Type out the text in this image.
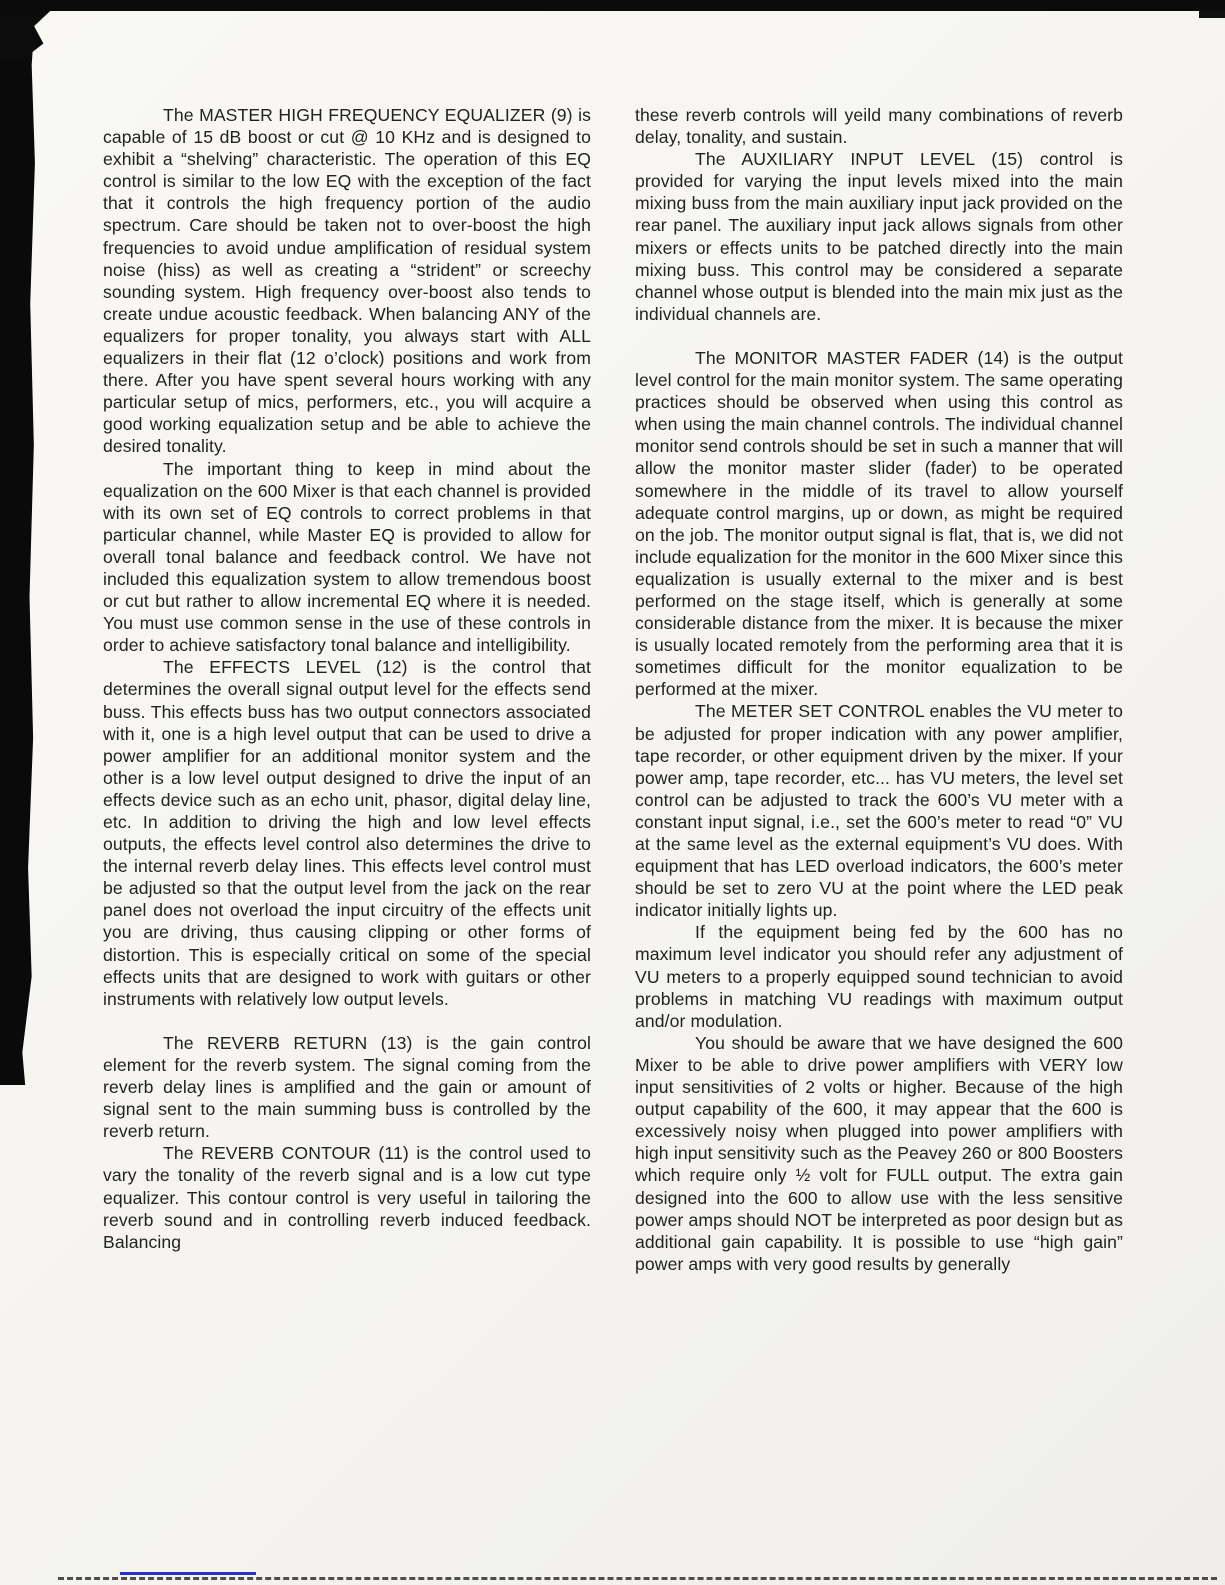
The MASTER HIGH FREQUENCY EQUALIZER (9) is capable of 15 dB boost or cut @ 10 KHz and is designed to exhibit a “shelving” characteristic. The operation of this EQ control is similar to the low EQ with the exception of the fact that it controls the high frequency portion of the audio spectrum. Care should be taken not to over-boost the high frequencies to avoid undue amplification of residual system noise (hiss) as well as creating a “strident” or screechy sounding system. High frequency over-boost also tends to create undue acoustic feedback. When balancing ANY of the equalizers for proper tonality, you always start with ALL equalizers in their flat (12 o’clock) positions and work from there. After you have spent several hours working with any particular setup of mics, performers, etc., you will acquire a good working equalization setup and be able to achieve the desired tonality.

The important thing to keep in mind about the equalization on the 600 Mixer is that each channel is provided with its own set of EQ controls to correct problems in that particular channel, while Master EQ is provided to allow for overall tonal balance and feedback control. We have not included this equalization system to allow tremendous boost or cut but rather to allow incremental EQ where it is needed. You must use common sense in the use of these controls in order to achieve satisfactory tonal balance and intelligibility.

The EFFECTS LEVEL (12) is the control that determines the overall signal output level for the effects send buss. This effects buss has two output connectors associated with it, one is a high level output that can be used to drive a power amplifier for an additional monitor system and the other is a low level output designed to drive the input of an effects device such as an echo unit, phasor, digital delay line, etc. In addition to driving the high and low level effects outputs, the effects level control also determines the drive to the internal reverb delay lines. This effects level control must be adjusted so that the output level from the jack on the rear panel does not overload the input circuitry of the effects unit you are driving, thus causing clipping or other forms of distortion. This is especially critical on some of the special effects units that are designed to work with guitars or other instruments with relatively low output levels.

The REVERB RETURN (13) is the gain control element for the reverb system. The signal coming from the reverb delay lines is amplified and the gain or amount of signal sent to the main summing buss is controlled by the reverb return.

The REVERB CONTOUR (11) is the control used to vary the tonality of the reverb signal and is a low cut type equalizer. This contour control is very useful in tailoring the reverb sound and in controlling reverb induced feedback. Balancing

these reverb controls will yeild many combinations of reverb delay, tonality, and sustain.

The AUXILIARY INPUT LEVEL (15) control is provided for varying the input levels mixed into the main mixing buss from the main auxiliary input jack provided on the rear panel. The auxiliary input jack allows signals from other mixers or effects units to be patched directly into the main mixing buss. This control may be considered a separate channel whose output is blended into the main mix just as the individual channels are.

The MONITOR MASTER FADER (14) is the output level control for the main monitor system. The same operating practices should be observed when using this control as when using the main channel controls. The individual channel monitor send controls should be set in such a manner that will allow the monitor master slider (fader) to be operated somewhere in the middle of its travel to allow yourself adequate control margins, up or down, as might be required on the job. The monitor output signal is flat, that is, we did not include equalization for the monitor in the 600 Mixer since this equalization is usually external to the mixer and is best performed on the stage itself, which is generally at some considerable distance from the mixer. It is because the mixer is usually located remotely from the performing area that it is sometimes difficult for the monitor equalization to be performed at the mixer.

The METER SET CONTROL enables the VU meter to be adjusted for proper indication with any power amplifier, tape recorder, or other equipment driven by the mixer. If your power amp, tape recorder, etc... has VU meters, the level set control can be adjusted to track the 600’s VU meter with a constant input signal, i.e., set the 600’s meter to read “0” VU at the same level as the external equipment’s VU does. With equipment that has LED overload indicators, the 600’s meter should be set to zero VU at the point where the LED peak indicator initially lights up.

If the equipment being fed by the 600 has no maximum level indicator you should refer any adjustment of VU meters to a properly equipped sound technician to avoid problems in matching VU readings with maximum output and/or modulation.

You should be aware that we have designed the 600 Mixer to be able to drive power amplifiers with VERY low input sensitivities of 2 volts or higher. Because of the high output capability of the 600, it may appear that the 600 is excessively noisy when plugged into power amplifiers with high input sensitivity such as the Peavey 260 or 800 Boosters which require only ½ volt for FULL output. The extra gain designed into the 600 to allow use with the less sensitive power amps should NOT be interpreted as poor design but as additional gain capability. It is possible to use “high gain” power amps with very good results by generally
